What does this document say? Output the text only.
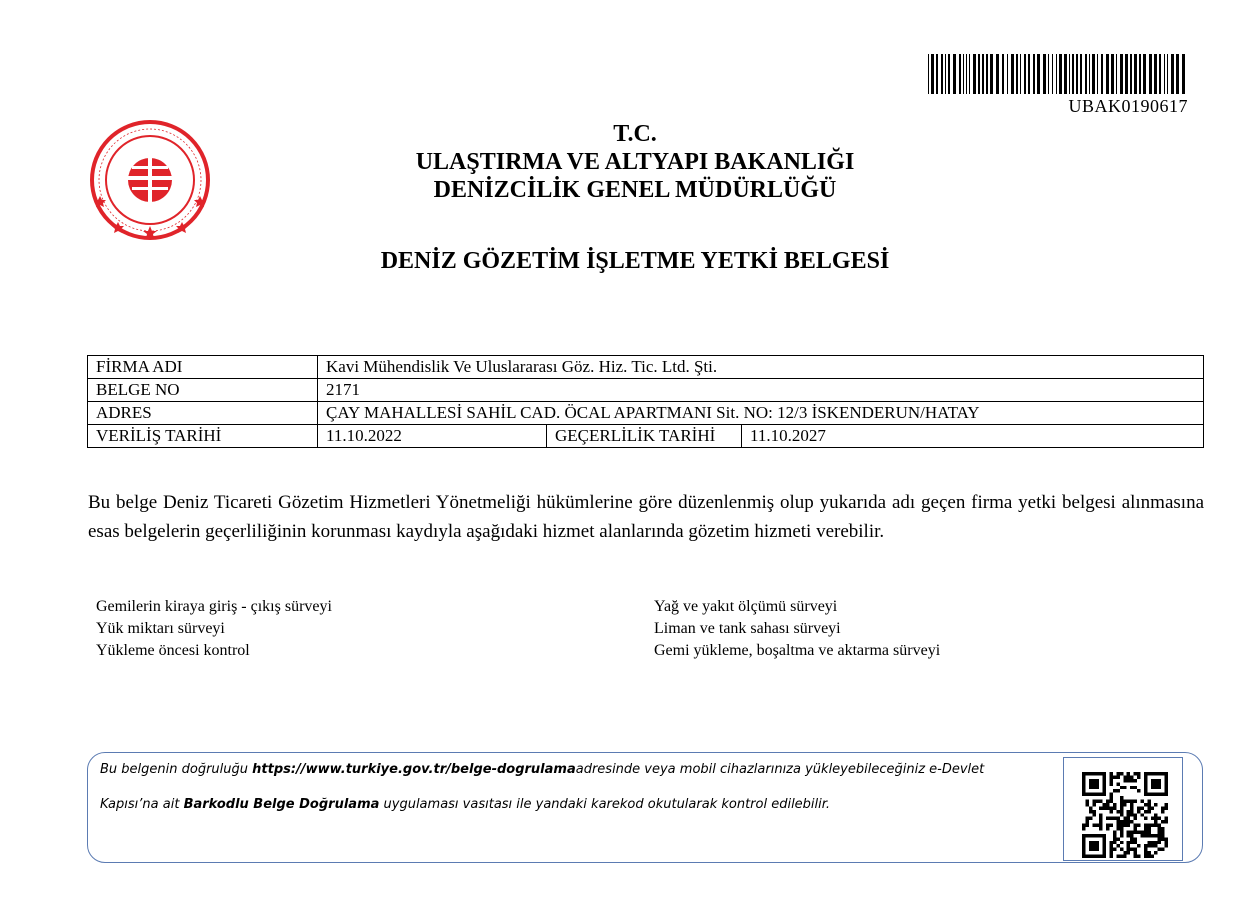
UBAK0190617
T.C.
ULAŞTIRMA VE ALTYAPI BAKANLIĞI
DENİZCİLİK GENEL MÜDÜRLÜĞÜ
DENİZ GÖZETİM İŞLETME YETKİ BELGESİ
FİRMA ADI	Kavi Mühendislik Ve Uluslararası Göz. Hiz. Tic. Ltd. Şti.		
BELGE NO	2171		
ADRES	ÇAY MAHALLESİ SAHİL CAD. ÖCAL APARTMANI Sit. NO: 12/3 İSKENDERUN/HATAY		
VERİLİŞ TARİHİ	11.10.2022	GEÇERLİLİK TARİHİ	11.10.2027
Bu belge Deniz Ticareti Gözetim Hizmetleri Yönetmeliği hükümlerine göre düzenlenmiş olup yukarıda adı geçen firma yetki belgesi alınmasına esas belgelerin geçerliliğinin korunması kaydıyla aşağıdaki hizmet alanlarında gözetim hizmeti verebilir.
Gemilerin kiraya giriş - çıkış sürveyi
Yük miktarı sürveyi
Yükleme öncesi kontrol
Yağ ve yakıt ölçümü sürveyi
Liman ve tank sahası sürveyi
Gemi yükleme, boşaltma ve aktarma sürveyi
Bu belgenin doğruluğu https://www.turkiye.gov.tr/belge-dogrulamaadresinde veya mobil cihazlarınıza yükleyebileceğiniz e-Devlet
Kapısı’na ait Barkodlu Belge Doğrulama uygulaması vasıtası ile yandaki karekod okutularak kontrol edilebilir.
